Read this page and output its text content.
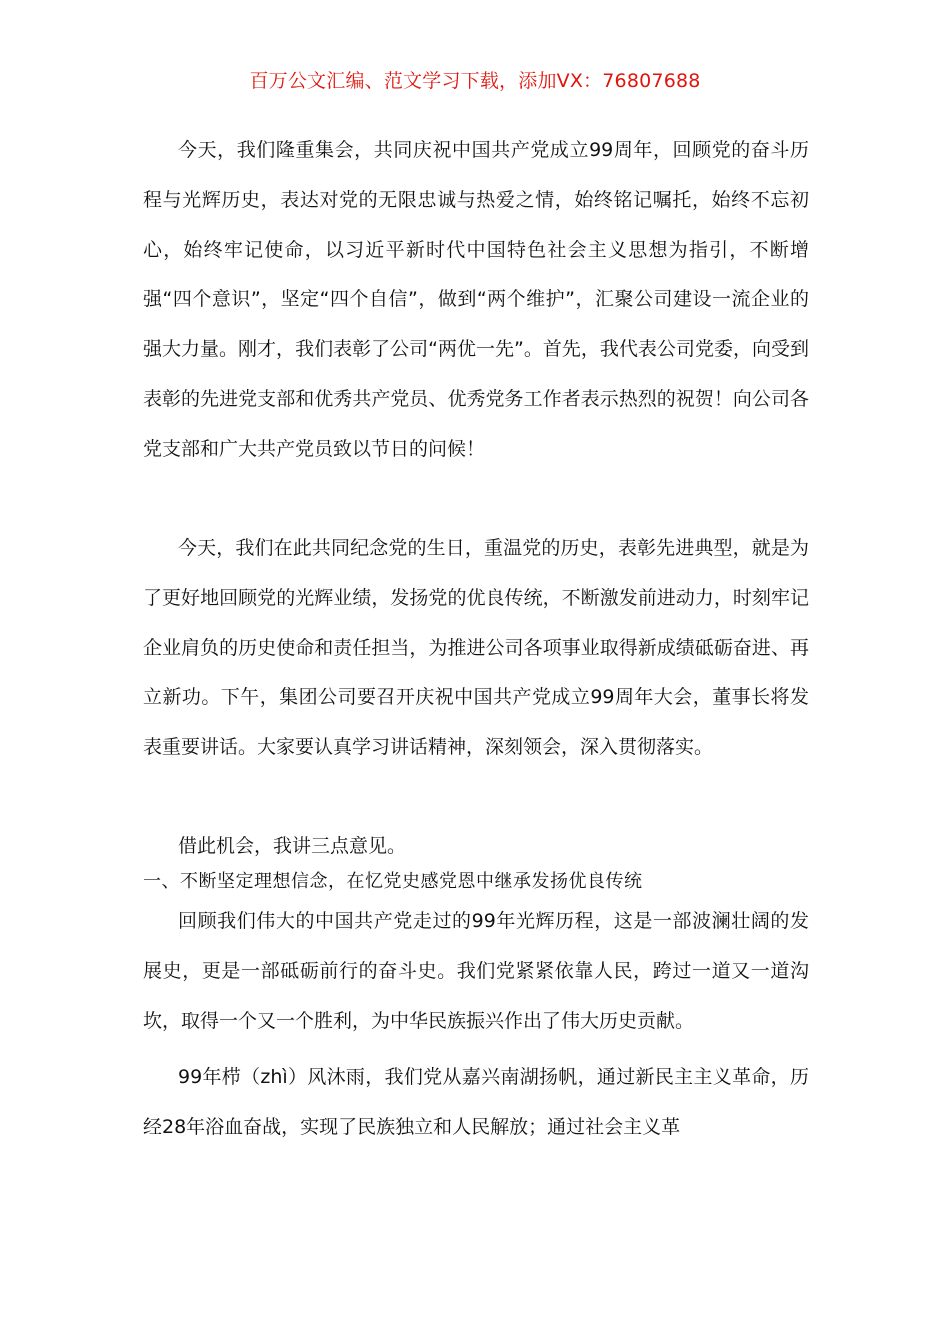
百万公文汇编、范文学习下载，添加VX：76807688

今天，我们隆重集会，共同庆祝中国共产党成立99周年，回顾党的奋斗历程与光辉历史，表达对党的无限忠诚与热爱之情，始终铭记嘱托，始终不忘初心，始终牢记使命，以习近平新时代中国特色社会主义思想为指引，不断增强“四个意识”，坚定“四个自信”，做到“两个维护”，汇聚公司建设一流企业的强大力量。刚才，我们表彰了公司“两优一先”。首先，我代表公司党委，向受到表彰的先进党支部和优秀共产党员、优秀党务工作者表示热烈的祝贺！向公司各党支部和广大共产党员致以节日的问候！

今天，我们在此共同纪念党的生日，重温党的历史，表彰先进典型，就是为了更好地回顾党的光辉业绩，发扬党的优良传统，不断激发前进动力，时刻牢记企业肩负的历史使命和责任担当，为推进公司各项事业取得新成绩砥砺奋进、再立新功。下午，集团公司要召开庆祝中国共产党成立99周年大会，董事长将发表重要讲话。大家要认真学习讲话精神，深刻领会，深入贯彻落实。

借此机会，我讲三点意见。

一、不断坚定理想信念，在忆党史感党恩中继承发扬优良传统

回顾我们伟大的中国共产党走过的99年光辉历程，这是一部波澜壮阔的发展史，更是一部砥砺前行的奋斗史。我们党紧紧依靠人民，跨过一道又一道沟坎，取得一个又一个胜利，为中华民族振兴作出了伟大历史贡献。

99年栉（zhì）风沐雨，我们党从嘉兴南湖扬帆，通过新民主主义革命，历经28年浴血奋战，实现了民族独立和人民解放；通过社会主义革
